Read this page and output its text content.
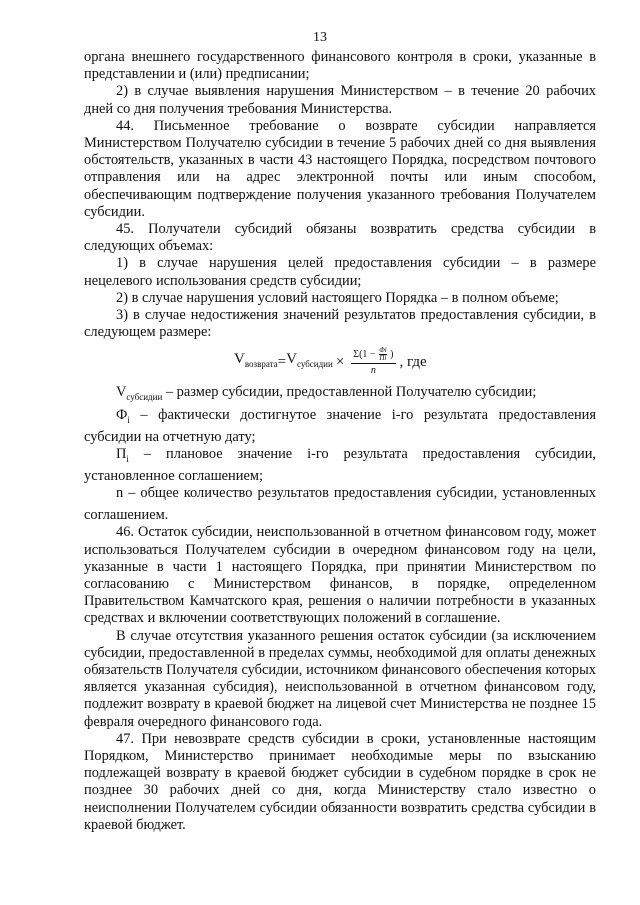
13

органа внешнего государственного финансового контроля в сроки, указанные в представлении и (или) предписании;

2) в случае выявления нарушения Министерством – в течение 20 рабочих дней со дня получения требования Министерства.

44. Письменное требование о возврате субсидии направляется Министерством Получателю субсидии в течение 5 рабочих дней со дня выявления обстоятельств, указанных в части 43 настоящего Порядка, посредством почтового отправления или на адрес электронной почты или иным способом, обеспечивающим подтверждение получения указанного требования Получателем субсидии.

45. Получатели субсидий обязаны возвратить средства субсидии в следующих объемах:

1) в случае нарушения целей предоставления субсидии – в размере нецелевого использования средств субсидии;

2) в случае нарушения условий настоящего Порядка – в полном объеме;

3) в случае недостижения значений результатов предоставления субсидии, в следующем размере:

$V_{возврата} = V_{субсидии} \times \Sigma(1 - \frac{Фi}{Пi}$ )
n
, где

$V_{субсидии}$ – размер субсидии, предоставленной Получателю субсидии;

$Ф_i$ – фактически достигнутое значение i-го результата предоставления субсидии на отчетную дату;

$П_i$ – плановое значение i-го результата предоставления субсидии, установленное соглашением;

n – общее количество результатов предоставления субсидии, установленных соглашением.

46. Остаток субсидии, неиспользованной в отчетном финансовом году, может использоваться Получателем субсидии в очередном финансовом году на цели, указанные в части 1 настоящего Порядка, при принятии Министерством по согласованию с Министерством финансов, в порядке, определенном Правительством Камчатского края, решения о наличии потребности в указанных средствах и включении соответствующих положений в соглашение.

В случае отсутствия указанного решения остаток субсидии (за исключением субсидии, предоставленной в пределах суммы, необходимой для оплаты денежных обязательств Получателя субсидии, источником финансового обеспечения которых является указанная субсидия), неиспользованной в отчетном финансовом году, подлежит возврату в краевой бюджет на лицевой счет Министерства не позднее 15 февраля очередного финансового года.

47. При невозврате средств субсидии в сроки, установленные настоящим Порядком, Министерство принимает необходимые меры по взысканию подлежащей возврату в краевой бюджет субсидии в судебном порядке в срок не позднее 30 рабочих дней со дня, когда Министерству стало известно о неисполнении Получателем субсидии обязанности возвратить средства субсидии в краевой бюджет.
